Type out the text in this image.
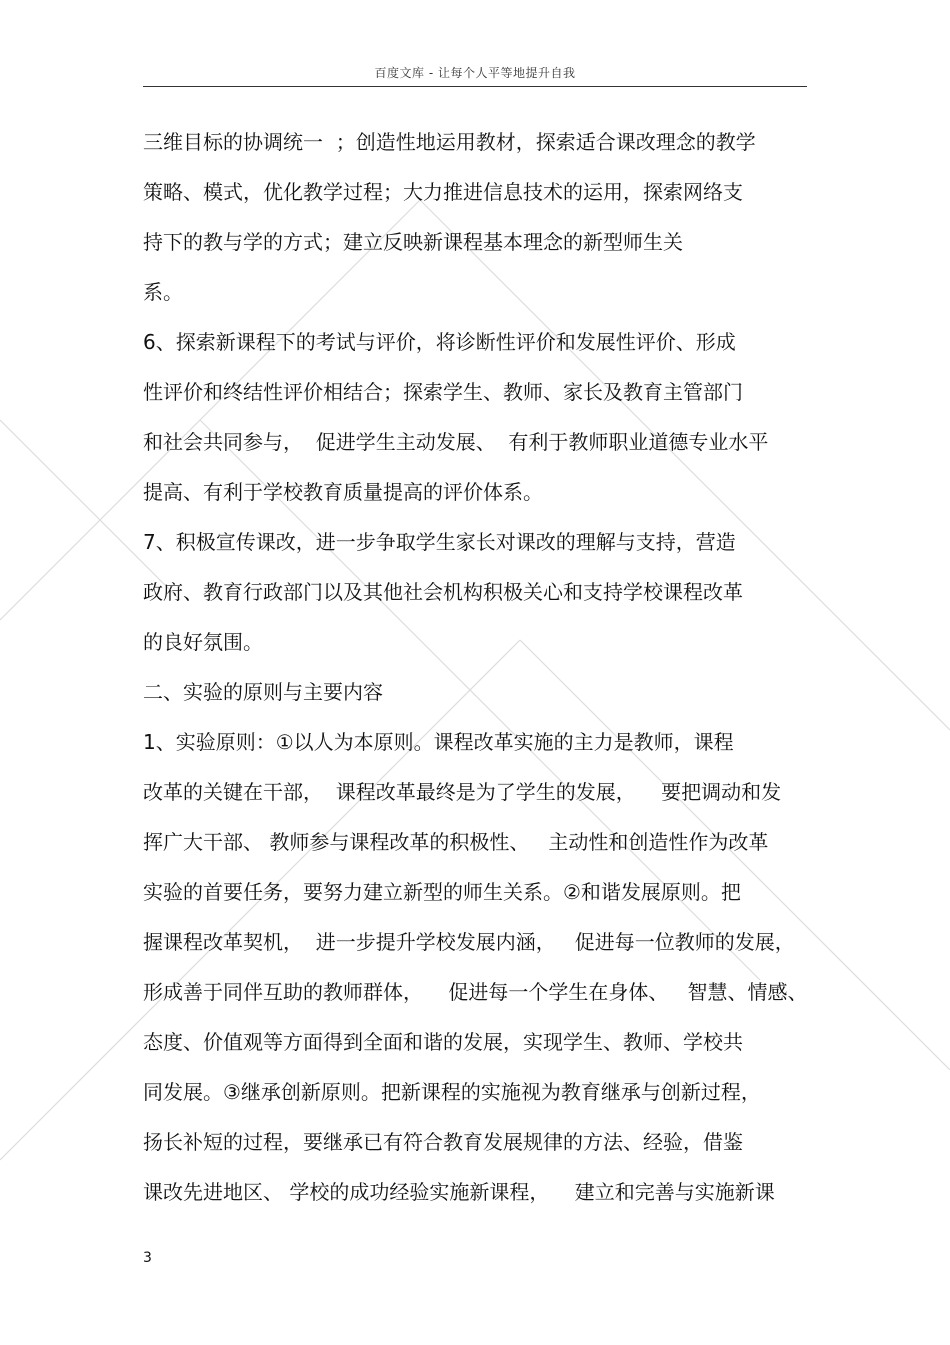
百度文库 - 让每个人平等地提升自我
三维目标的协调统一  ；创造性地运用教材，探索适合课改理念的教学
策略、模式，优化教学过程；大力推进信息技术的运用，探索网络支
持下的教与学的方式；建立反映新课程基本理念的新型师生关
系。
6、探索新课程下的考试与评价，将诊断性评价和发展性评价、形成
性评价和终结性评价相结合；探索学生、教师、家长及教育主管部门
和社会共同参与，  促进学生主动发展、  有利于教师职业道德专业水平
提高、有利于学校教育质量提高的评价体系。
7、积极宣传课改，进一步争取学生家长对课改的理解与支持，营造
政府、教育行政部门以及其他社会机构积极关心和支持学校课程改革
的良好氛围。
二、实验的原则与主要内容
1、实验原则：①以人为本原则。课程改革实施的主力是教师，课程
改革的关键在干部，  课程改革最终是为了学生的发展，    要把调动和发
挥广大干部、 教师参与课程改革的积极性、   主动性和创造性作为改革
实验的首要任务，要努力建立新型的师生关系。②和谐发展原则。把
握课程改革契机，  进一步提升学校发展内涵，   促进每一位教师的发展，
形成善于同伴互助的教师群体，    促进每一个学生在身体、   智慧、情感、
态度、价值观等方面得到全面和谐的发展，实现学生、教师、学校共
同发展。③继承创新原则。把新课程的实施视为教育继承与创新过程，
扬长补短的过程，要继承已有符合教育发展规律的方法、经验，借鉴
课改先进地区、 学校的成功经验实施新课程，    建立和完善与实施新课
3
